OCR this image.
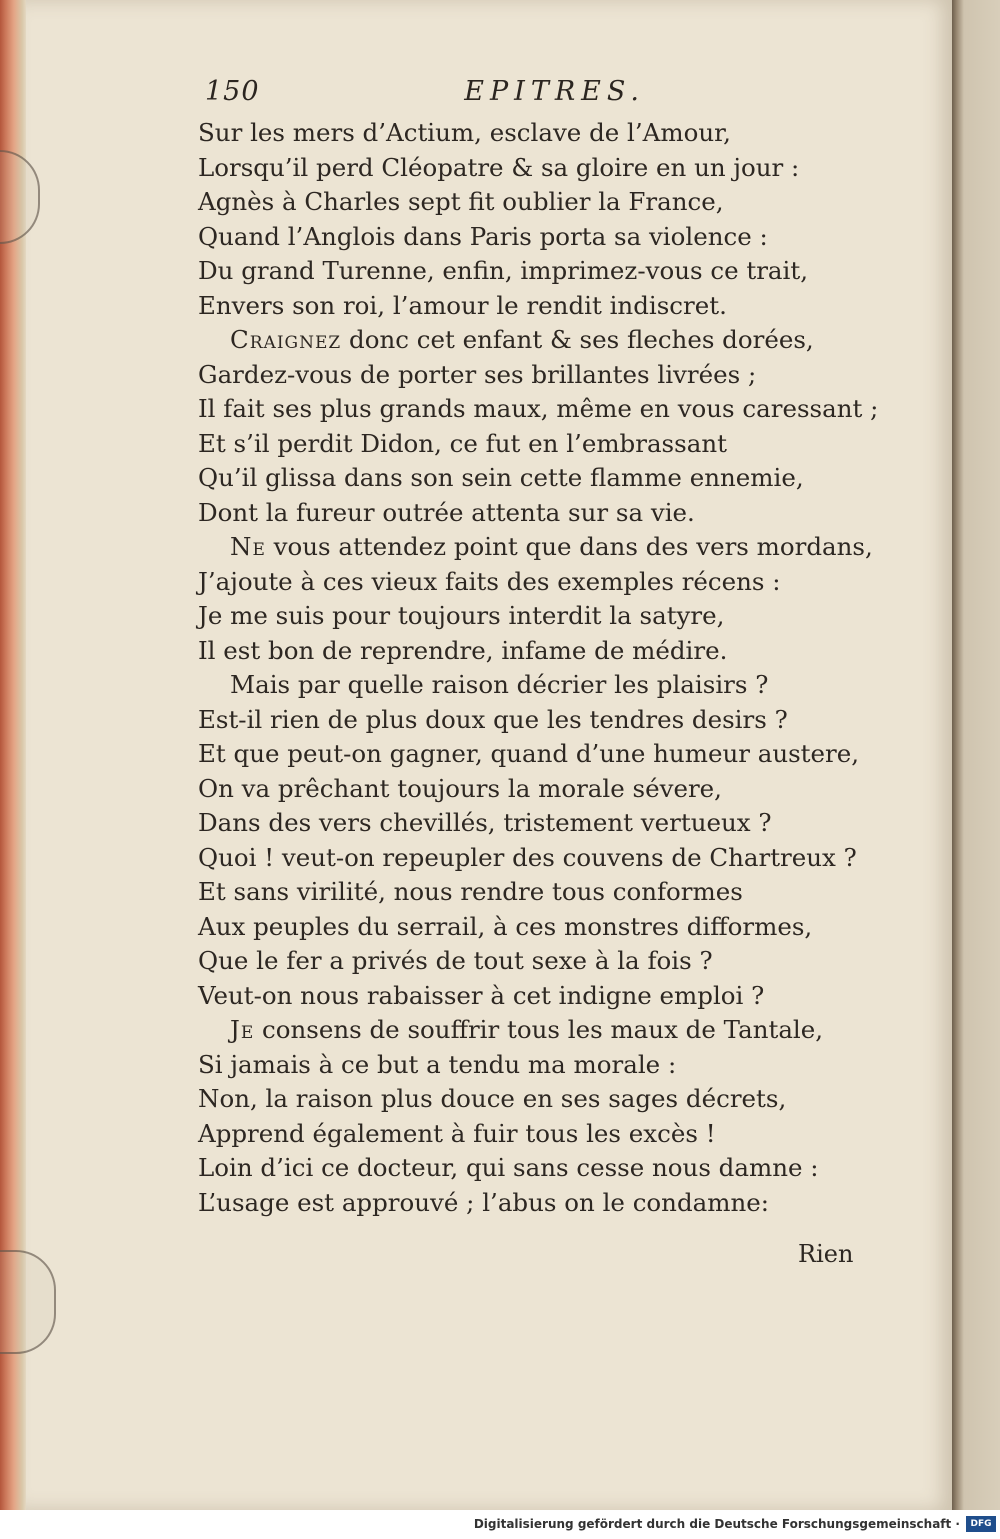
150	EPITRES.
Sur les mers d’Actium, esclave de l’Amour,
Lorsqu’il perd Cléopatre & sa gloire en un jour :
Agnès à Charles sept fit oublier la France,
Quand l’Anglois dans Paris porta sa violence :
Du grand Turenne, enfin, imprimez-vous ce trait,
Envers son roi, l’amour le rendit indiscret.
Craignez donc cet enfant & ses fleches dorées,
Gardez-vous de porter ses brillantes livrées ;
Il fait ses plus grands maux, même en vous caressant ;
Et s’il perdit Didon, ce fut en l’embrassant
Qu’il glissa dans son sein cette flamme ennemie,
Dont la fureur outrée attenta sur sa vie.
Ne vous attendez point que dans des vers mordans,
J’ajoute à ces vieux faits des exemples récens :
Je me suis pour toujours interdit la satyre,
Il est bon de reprendre, infame de médire.
Mais par quelle raison décrier les plaisirs ?
Est-il rien de plus doux que les tendres desirs ?
Et que peut-on gagner, quand d’une humeur austere,
On va prêchant toujours la morale sévere,
Dans des vers chevillés, tristement vertueux ?
Quoi ! veut-on repeupler des couvens de Chartreux ?
Et sans virilité, nous rendre tous conformes
Aux peuples du serrail, à ces monstres difformes,
Que le fer a privés de tout sexe à la fois ?
Veut-on nous rabaisser à cet indigne emploi ?
Je consens de souffrir tous les maux de Tantale,
Si jamais à ce but a tendu ma morale :
Non, la raison plus douce en ses sages décrets,
Apprend également à fuir tous les excès !
Loin d’ici ce docteur, qui sans cesse nous damne :
L’usage est approuvé ; l’abus on le condamne:
Rien
Digitalisierung gefördert durch die Deutsche Forschungsgemeinschaft ·	DFG
